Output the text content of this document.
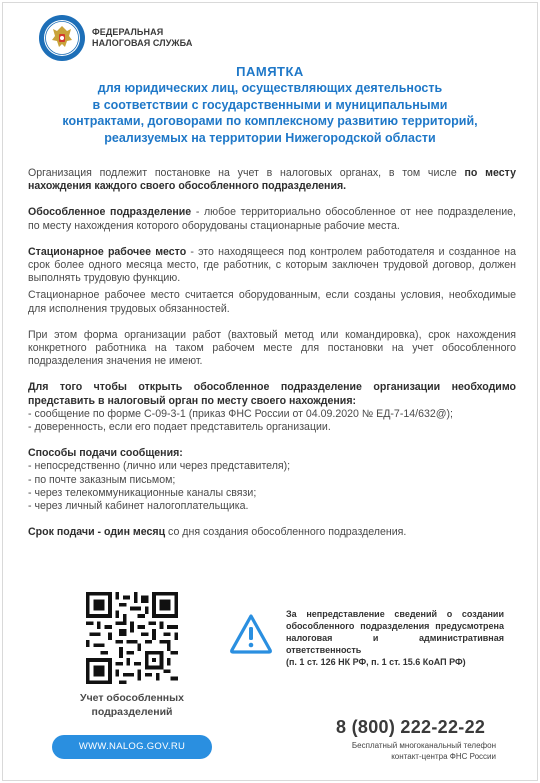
ФЕДЕРАЛЬНАЯ
НАЛОГОВАЯ СЛУЖБА
ПАМЯТКА
для юридических лиц, осуществляющих деятельность
в соответствии с государственными и муниципальными
контрактами, договорами по комплексному развитию территорий,
реализуемых на территории Нижегородской области

Организация подлежит постановке на учет в налоговых органах, в том числе по месту нахождения каждого своего обособленного подразделения.

Обособленное подразделение - любое территориально обособленное от нее подразделение, по месту нахождения которого оборудованы стационарные рабочие места.

Стационарное рабочее место - это находящееся под контролем работодателя и созданное на срок более одного месяца место, где работник, с которым заключен трудовой договор, должен выполнять трудовую функцию.

Стационарное рабочее место считается оборудованным, если созданы условия, необходимые для исполнения трудовых обязанностей.

При этом форма организации работ (вахтовый метод или командировка), срок нахождения конкретного работника на таком рабочем месте для постановки на учет обособленного подразделения значения не имеют.

Для того чтобы открыть обособленное подразделение организации необходимо представить в налоговый орган по месту своего нахождения:
- сообщение по форме С-09-3-1 (приказ ФНС России от 04.09.2020 № ЕД-7-14/632@);
- доверенность, если его подает представитель организации.
Способы подачи сообщения:
- непосредственно (лично или через представителя);
- по почте заказным письмом;
- через телекоммуникационные каналы связи;
- через личный кабинет налогоплательщика.

Срок подачи - один месяц со дня создания обособленного подразделения.

Учет обособленных
подразделений
WWW.NALOG.GOV.RU
За непредставление сведений о создании обособленного подразделения предусмотрена налоговая и административная ответственность
(п. 1 ст. 126 НК РФ, п. 1 ст. 15.6 КоАП РФ)
8 (800) 222-22-22
Бесплатный многоканальный телефон
контакт-центра ФНС России
